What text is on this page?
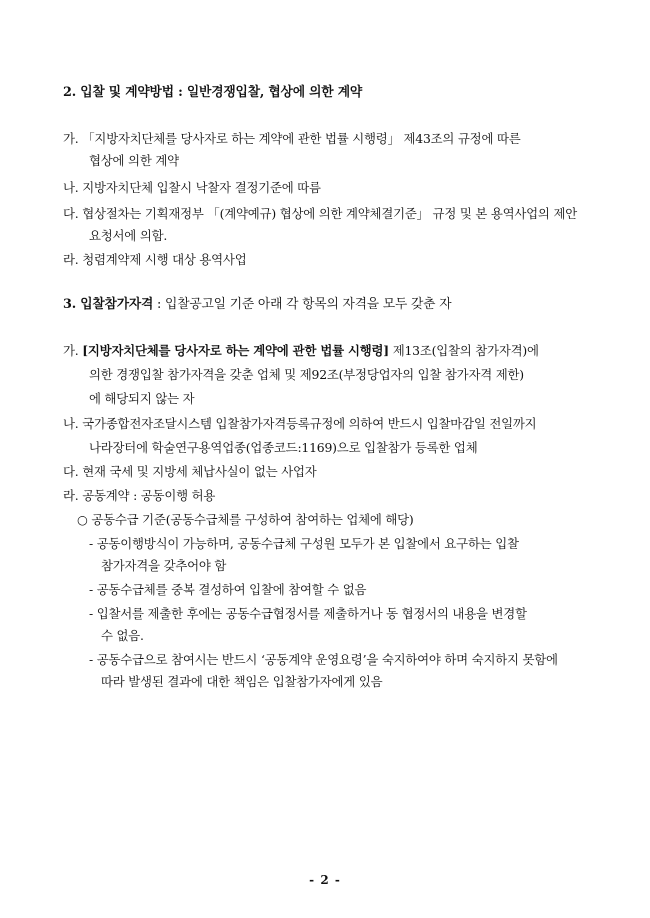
2. 입찰 및 계약방법 : 일반경쟁입찰, 협상에 의한 계약
가. 「지방자치단체를 당사자로 하는 계약에 관한 법률 시행령」 제43조의 규정에 따른
협상에 의한 계약
나. 지방자치단체 입찰시 낙찰자 결정기준에 따름
다. 협상절차는 기획재정부 「(계약예규) 협상에 의한 계약체결기준」 규정 및 본 용역사업의 제안
요청서에 의함.
라. 청렴계약제 시행 대상 용역사업
3. 입찰참가자격 : 입찰공고일 기준 아래 각 항목의 자격을 모두 갖춘 자
가. [지방자치단체를 당사자로 하는 계약에 관한 법률 시행령] 제13조(입찰의 참가자격)에
의한 경쟁입찰 참가자격을 갖춘 업체 및 제92조(부정당업자의 입찰 참가자격 제한)
에 해당되지 않는 자
나. 국가종합전자조달시스템 입찰참가자격등록규정에 의하여 반드시 입찰마감일 전일까지
나라장터에 학술연구용역업종(업종코드:1169)으로 입찰참가 등록한 업체
다. 현재 국세 및 지방세 체납사실이 없는 사업자
라. 공동계약 : 공동이행 허용
○ 공동수급 기준(공동수급체를 구성하여 참여하는 업체에 해당)
- 공동이행방식이 가능하며, 공동수급체 구성원 모두가 본 입찰에서 요구하는 입찰
참가자격을 갖추어야 함
- 공동수급체를 중복 결성하여 입찰에 참여할 수 없음
- 입찰서를 제출한 후에는 공동수급협정서를 제출하거나 동 협정서의 내용을 변경할
수 없음.
- 공동수급으로 참여시는 반드시 ‘공동계약 운영요령’을 숙지하여야 하며 숙지하지 못함에
따라 발생된 결과에 대한 책임은 입찰참가자에게 있음
- 2 -
